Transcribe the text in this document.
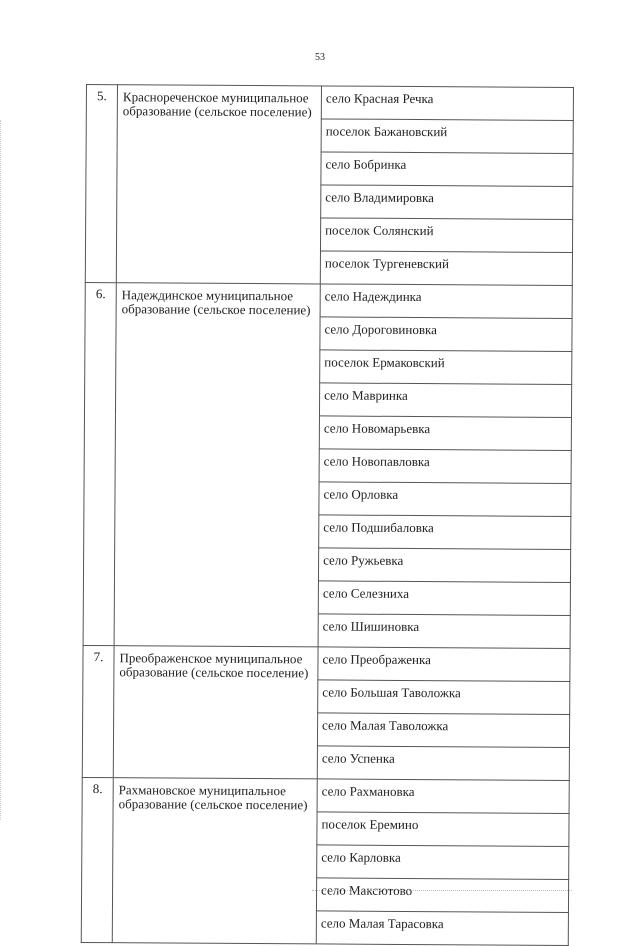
53
5.	Краснореченское муниципальное образование (сельское поселение)	село Красная Речка
		поселок Бажановский
		село Бобринка
		село Владимировка
		поселок Солянский
		поселок Тургеневский
6.	Надеждинское муниципальное образование (сельское поселение)	село Надеждинка
		село Дороговиновка
		поселок Ермаковский
		село Мавринка
		село Новомарьевка
		село Новопавловка
		село Орловка
		село Подшибаловка
		село Ружьевка
		село Селезниха
		село Шишиновка
7.	Преображенское муниципальное образование (сельское поселение)	село Преображенка
		село Большая Таволожка
		село Малая Таволожка
		село Успенка
8.	Рахмановское муниципальное образование (сельское поселение)	село Рахмановка
		поселок Еремино
		село Карловка
		село Максютово
		село Малая Тарасовка
